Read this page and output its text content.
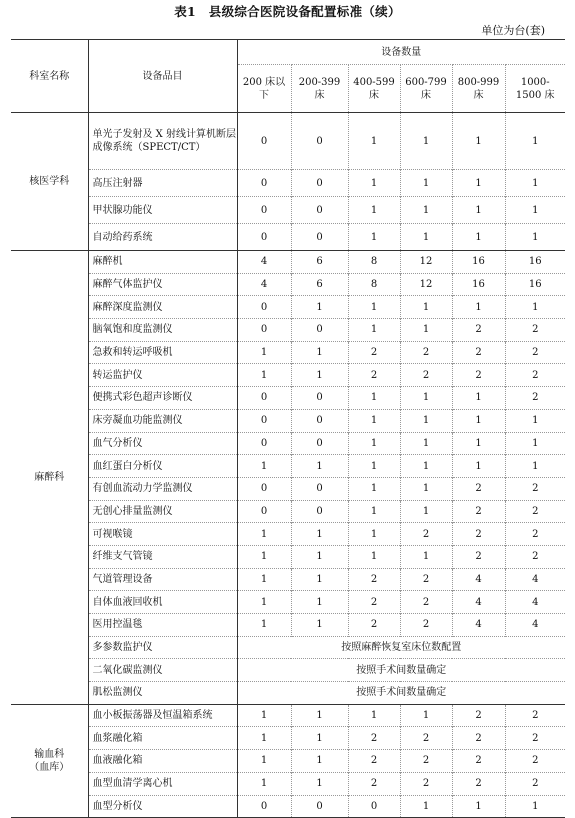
表1　县级综合医院设备配置标准（续）
单位为台(套)
科室名称	设备品目	设备数量					
		200 床以下	200-399 床	400-599 床	600-799 床	800-999 床	1000-1500 床
核医学科	单光子发射及 X 射线计算机断层成像系统（SPECT/CT）	0	0	1	1	1	1
	高压注射器	0	0	1	1	1	1
	甲状腺功能仪	0	0	1	1	1	1
	自动给药系统	0	0	1	1	1	1
麻醉科	麻醉机	4	6	8	12	16	16
	麻醉气体监护仪	4	6	8	12	16	16
	麻醉深度监测仪	0	1	1	1	1	1
	脑氧饱和度监测仪	0	0	1	1	2	2
	急救和转运呼吸机	1	1	2	2	2	2
	转运监护仪	1	1	2	2	2	2
	便携式彩色超声诊断仪	0	0	1	1	1	2
	床旁凝血功能监测仪	0	0	1	1	1	1
	血气分析仪	0	0	1	1	1	1
	血红蛋白分析仪	1	1	1	1	1	1
	有创血流动力学监测仪	0	0	1	1	2	2
	无创心排量监测仪	0	0	1	1	2	2
	可视喉镜	1	1	1	2	2	2
	纤维支气管镜	1	1	1	1	2	2
	气道管理设备	1	1	2	2	4	4
	自体血液回收机	1	1	2	2	4	4
	医用控温毯	1	1	2	2	4	4
	多参数监护仪	按照麻醉恢复室床位数配置					
	二氧化碳监测仪	按照手术间数量确定					
	肌松监测仪	按照手术间数量确定					
输血科（血库）	血小板振荡器及恒温箱系统	1	1	1	1	2	2
	血浆融化箱	1	1	2	2	2	2
	血液融化箱	1	1	2	2	2	2
	血型血清学离心机	1	1	2	2	2	2
	血型分析仪	0	0	0	1	1	1
